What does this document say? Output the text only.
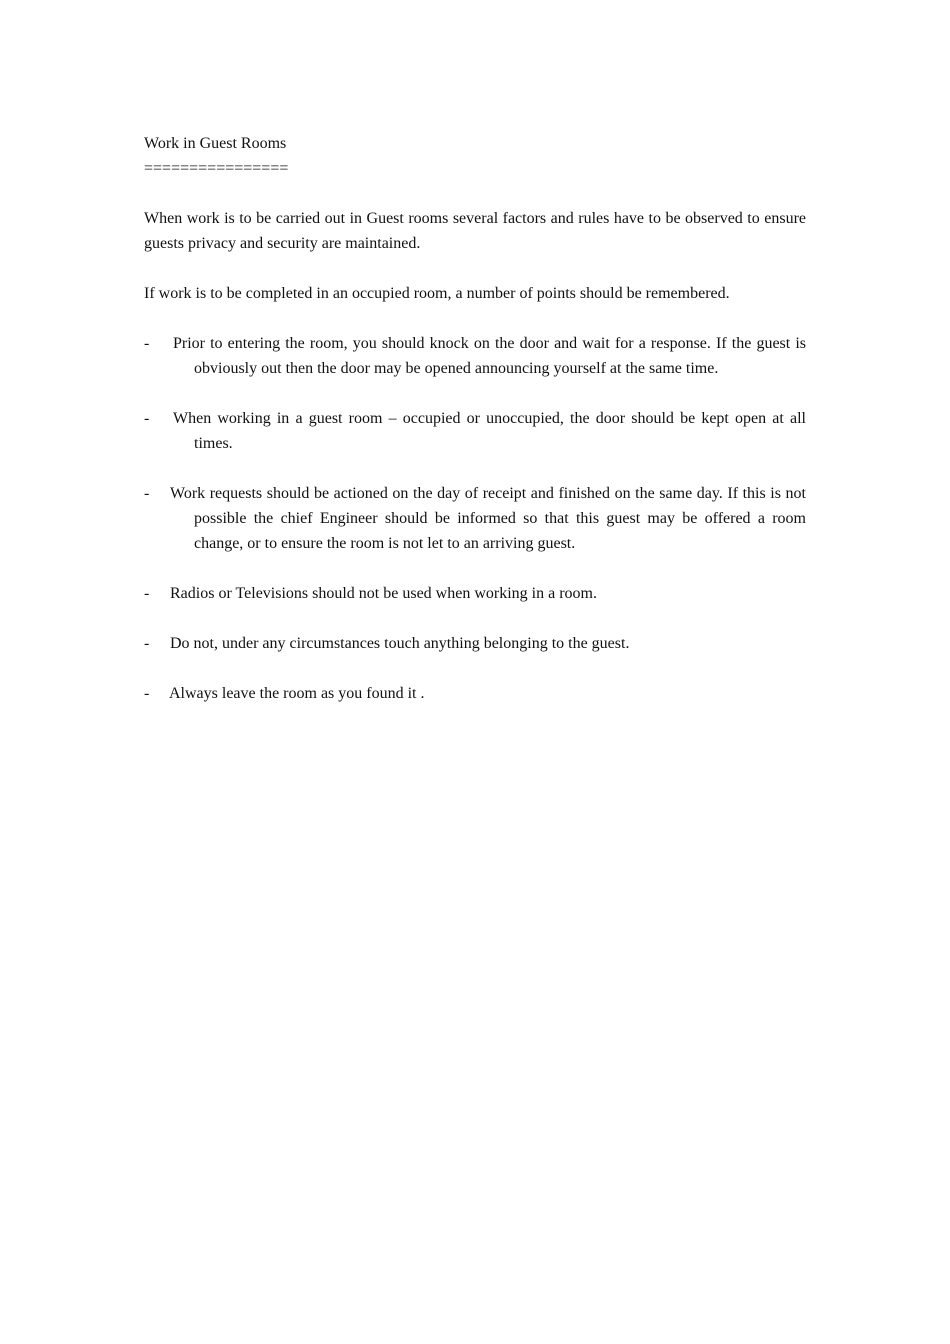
Work in Guest Rooms
================

When work is to be carried out in Guest rooms several factors and rules have to be observed to ensure guests privacy and security are maintained.

If work is to be completed in an occupied room, a number of points should be remembered.

- Prior to entering the room, you should knock on the door and wait for a response. If the guest is obviously out then the door may be opened announcing yourself at the same time.
- When working in a guest room – occupied or unoccupied, the door should be kept open at all times.
- Work requests should be actioned on the day of receipt and finished on the same day. If this is not possible the chief Engineer should be informed so that this guest may be offered a room change, or to ensure the room is not let to an arriving guest.
- Radios or Televisions should not be used when working in a room.
- Do not, under any circumstances touch anything belonging to the guest.
- Always leave the room as you found it .
